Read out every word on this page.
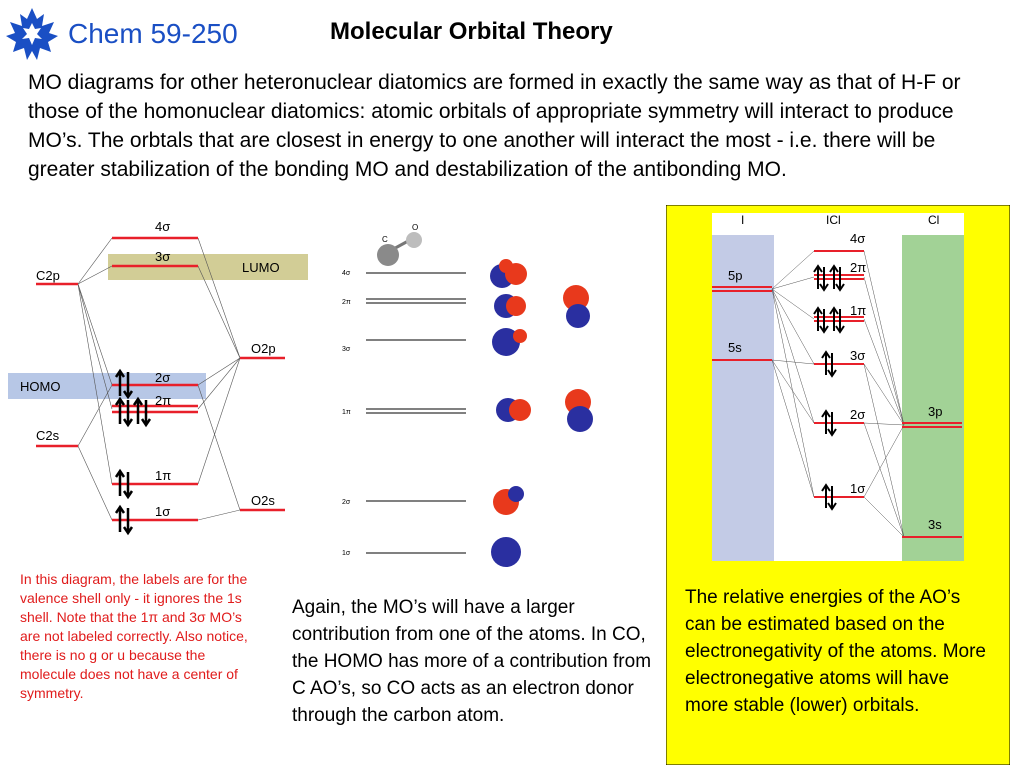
Chem 59-250	Molecular Orbital Theory
MO diagrams for other heteronuclear diatomics are formed in exactly the same way as that of H-F or those of the homonuclear diatomics: atomic orbitals of appropriate symmetry will interact to produce MO’s. The orbtals that are closest in energy to one another will interact the most - i.e. there will be greater stabilization of the bonding MO and destabilization of the antibonding MO.
4σ
3σ
2σ
2π
1π
1σ
LUMO
HOMO
C2p
C2s
O2p
O2s
C
O
4σ
2π
3σ
1π
2σ
1σ
I	ICl	Cl
4σ
2π
1π
3σ
2σ
1σ
5p
5s
3p
3s
In this diagram, the labels are for the valence shell only - it ignores the 1s shell. Note that the 1π and 3σ MO’s are not labeled correctly. Also notice, there is no g or u because the molecule does not have a center of symmetry.
Again, the MO’s will have a larger contribution from one of the atoms. In CO, the HOMO has more of a contribution from C AO’s, so CO acts as an electron donor through the carbon atom.
The relative energies of the AO’s can be estimated based on the electronegativity of the atoms. More electronegative atoms will have more stable (lower) orbitals.
